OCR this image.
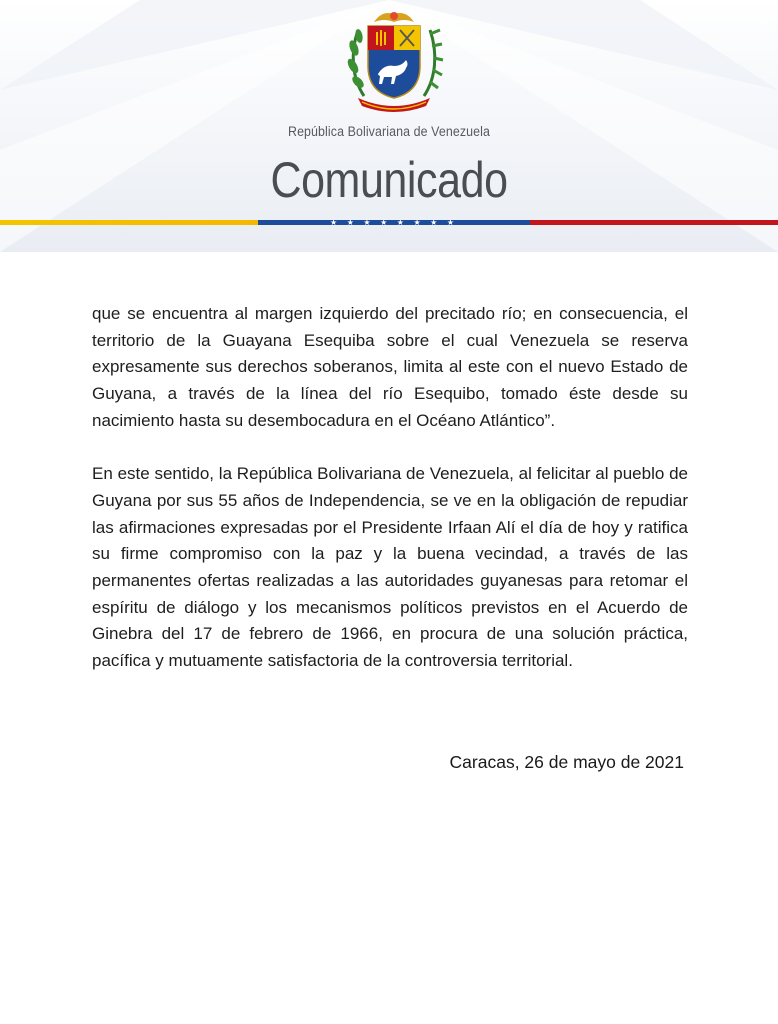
República Bolivariana de Venezuela
Comunicado
★ ★ ★ ★ ★ ★ ★ ★

que se encuentra al margen izquierdo del precitado río; en consecuencia, el territorio de la Guayana Esequiba sobre el cual Venezuela se reserva expresamente sus derechos soberanos, limita al este con el nuevo Estado de Guyana, a través de la línea del río Esequibo, tomado éste desde su nacimiento hasta su desembocadura en el Océano Atlántico”.

En este sentido, la República Bolivariana de Venezuela, al felicitar al pueblo de Guyana por sus 55 años de Independencia, se ve en la obligación de repudiar las afirmaciones expresadas por el Presidente Irfaan Alí el día de hoy y ratifica su firme compromiso con la paz y la buena vecindad, a través de las permanentes ofertas realizadas a las autoridades guyanesas para retomar el espíritu de diálogo y los mecanismos políticos previstos en el Acuerdo de Ginebra del 17 de febrero de 1966, en procura de una solución práctica, pacífica y mutuamente satisfactoria de la controversia territorial.

Caracas, 26 de mayo de 2021
